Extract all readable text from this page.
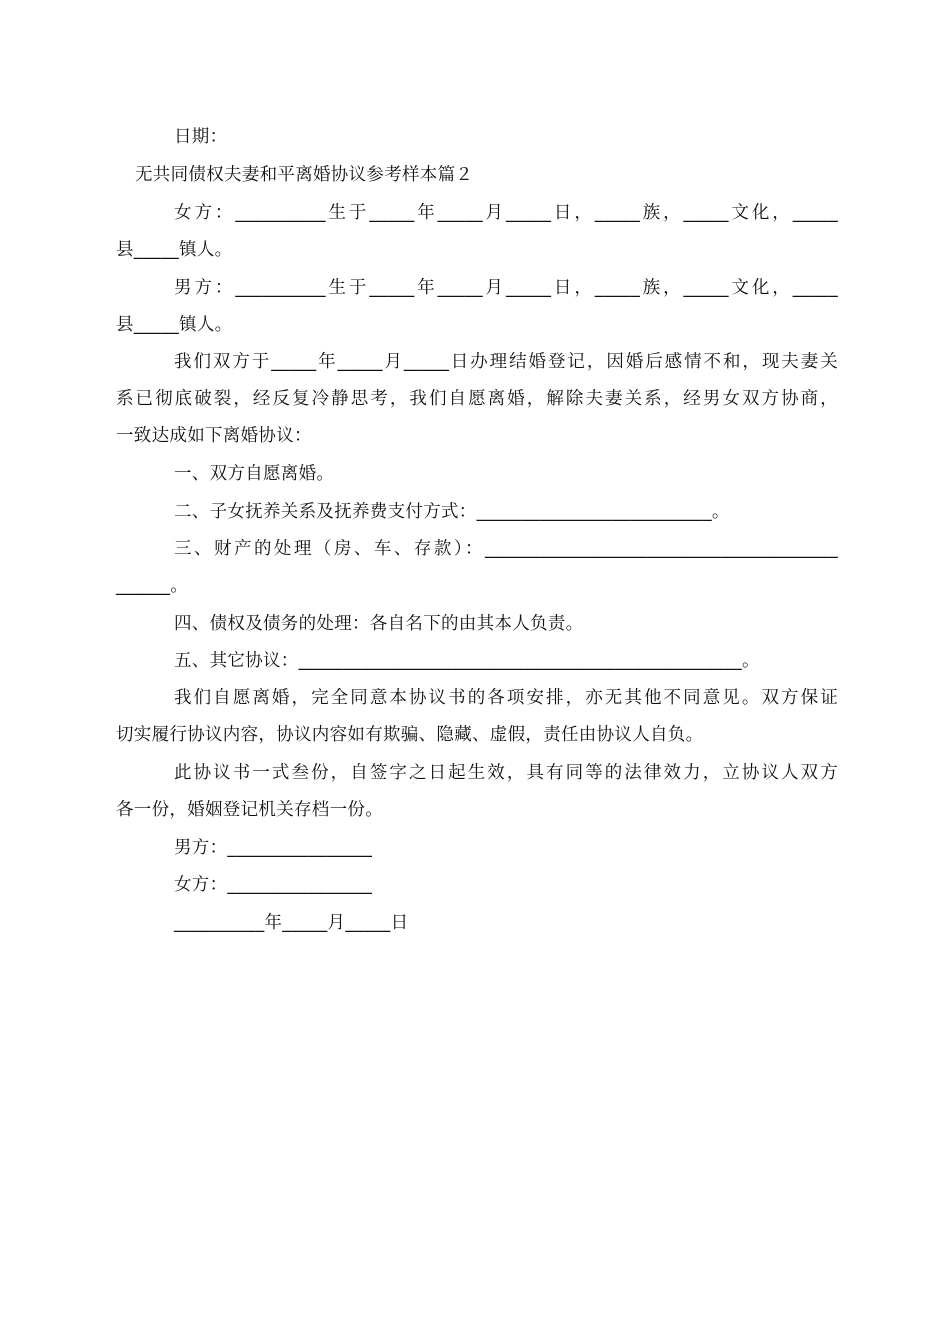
日期：
无共同债权夫妻和平离婚协议参考样本篇２
女方：__________生于_____年_____月_____日，_____族，_____文化，_____
县_____镇人。
男方：__________生于_____年_____月_____日，_____族，_____文化，_____
县_____镇人。
我们双方于_____年_____月_____日办理结婚登记，因婚后感情不和，现夫妻关
系已彻底破裂，经反复冷静思考，我们自愿离婚，解除夫妻关系，经男女双方协商，
一致达成如下离婚协议：
一、双方自愿离婚。
二、子女抚养关系及抚养费支付方式：__________________________。
三、财产的处理（房、车、存款）：_______________________________________
______。
四、债权及债务的处理：各自名下的由其本人负责。
五、其它协议：_________________________________________________。
我们自愿离婚，完全同意本协议书的各项安排，亦无其他不同意见。双方保证
切实履行协议内容，协议内容如有欺骗、隐藏、虚假，责任由协议人自负。
此协议书一式叁份，自签字之日起生效，具有同等的法律效力，立协议人双方
各一份，婚姻登记机关存档一份。
男方：________________
女方：________________
__________年_____月_____日
